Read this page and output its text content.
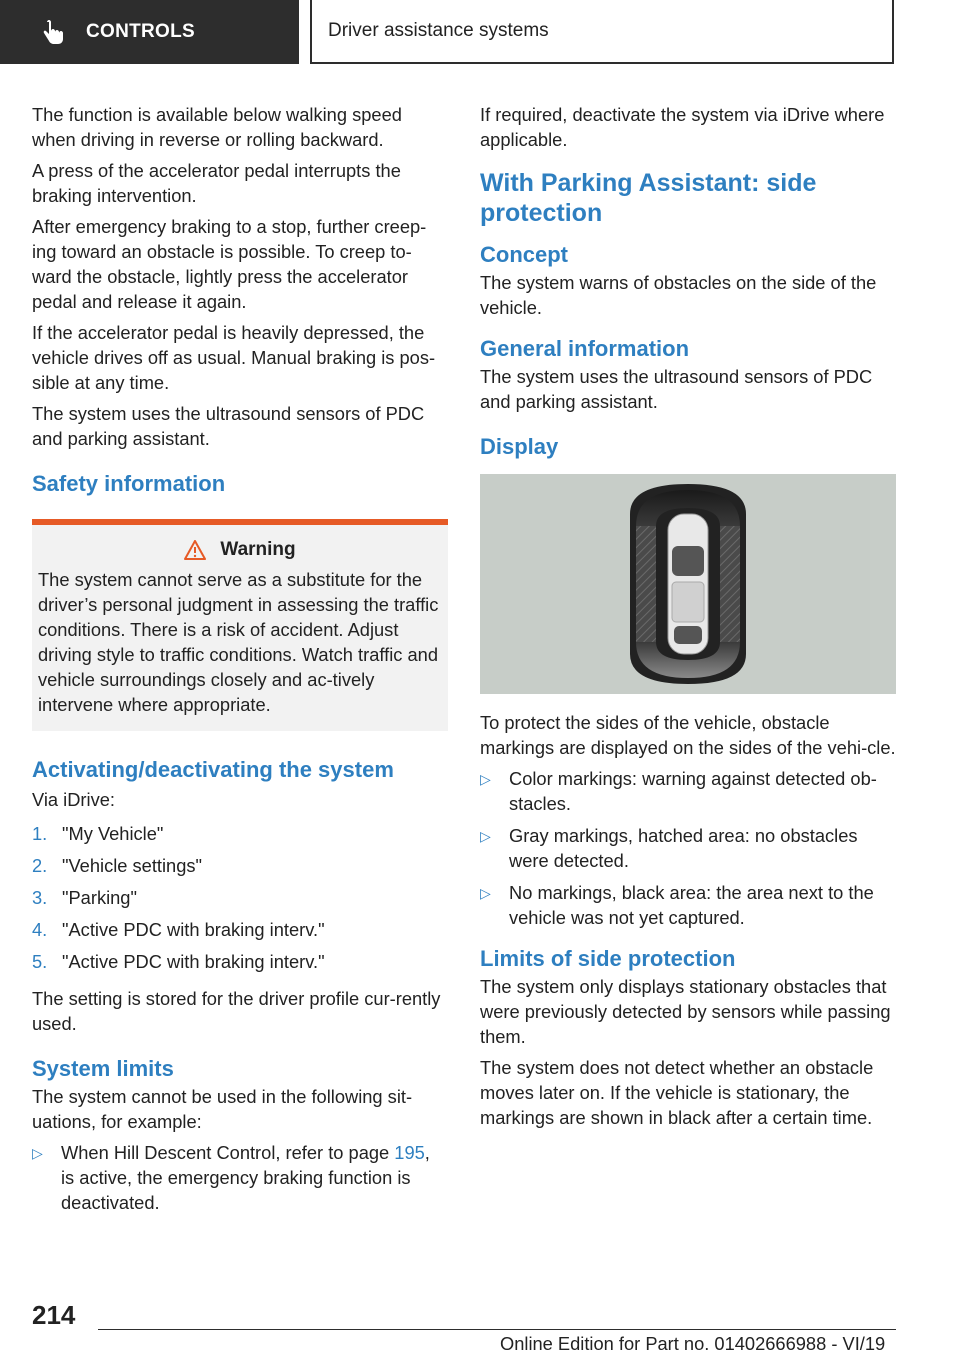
CONTROLS	Driver assistance systems

The function is available below walking speed when driving in reverse or rolling backward.

A press of the accelerator pedal interrupts the braking intervention.

After emergency braking to a stop, further creep‐ing toward an obstacle is possible. To creep to‐ward the obstacle, lightly press the accelerator pedal and release it again.

If the accelerator pedal is heavily depressed, the vehicle drives off as usual. Manual braking is pos‐sible at any time.

The system uses the ultrasound sensors of PDC and parking assistant.

Safety information
Warning

The system cannot serve as a substitute for the driver’s personal judgment in assessing the traffic conditions. There is a risk of accident. Adjust driving style to traffic conditions. Watch traffic and vehicle surroundings closely and ac‐tively intervene where appropriate.

Activating/deactivating the system

Via iDrive:

1. "My Vehicle"
2. "Vehicle settings"
3. "Parking"
4. "Active PDC with braking interv."
5. "Active PDC with braking interv."

The setting is stored for the driver profile cur‐rently used.

System limits

The system cannot be used in the following sit‐uations, for example:

▷ When Hill Descent Control, refer to page 195, is active, the emergency braking function is deactivated.

If required, deactivate the system via iDrive where applicable.

With Parking Assistant: side protection
Concept

The system warns of obstacles on the side of the vehicle.

General information

The system uses the ultrasound sensors of PDC and parking assistant.

Display

To protect the sides of the vehicle, obstacle markings are displayed on the sides of the vehi‐cle.

▷ Color markings: warning against detected ob‐stacles.
▷ Gray markings, hatched area: no obstacles were detected.
▷ No markings, black area: the area next to the vehicle was not yet captured.
Limits of side protection

The system only displays stationary obstacles that were previously detected by sensors while passing them.

The system does not detect whether an obstacle moves later on. If the vehicle is stationary, the markings are shown in black after a certain time.

214
Online Edition for Part no. 01402666988 - VI/19
